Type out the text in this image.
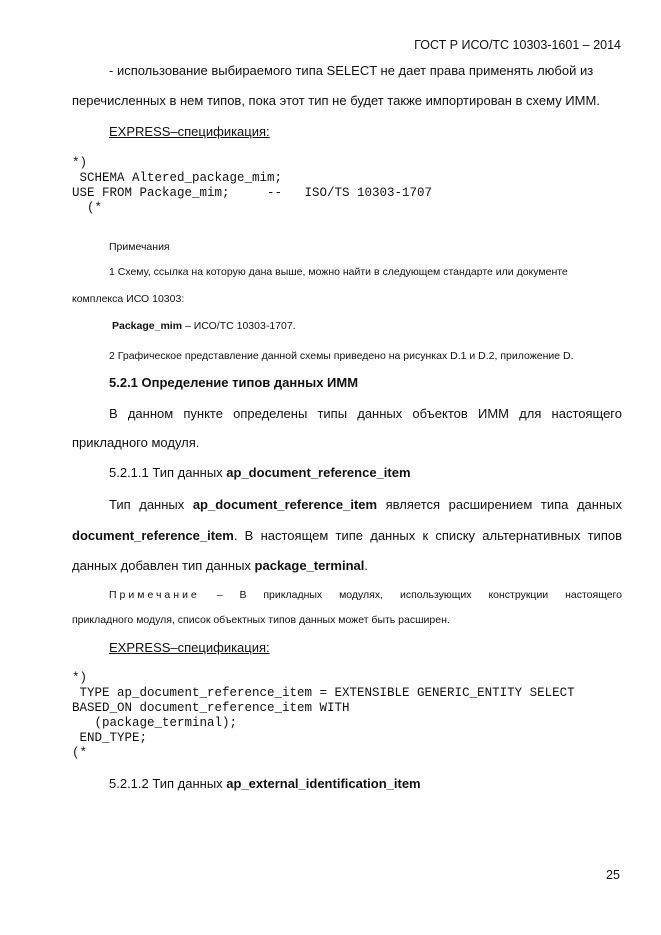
ГОСТ Р ИСО/ТС 10303-1601 – 2014
- использование выбираемого типа SELECT не дает права применять любой из
перечисленных в нем типов, пока этот тип не будет также импортирован в схему ИММ.
EXPRESS–спецификация:
*)
SCHEMA Altered_package_mim;
USE FROM Package_mim;     --   ISO/TS 10303-1707
(*
Примечания
1 Схему, ссылка на которую дана выше, можно найти в следующем стандарте или документе
комплекса ИСО 10303:
Package_mim – ИСО/ТС 10303-1707.
2 Графическое представление данной схемы приведено на рисунках D.1 и D.2, приложение D.
5.2.1 Определение типов данных ИММ
В данном пункте определены типы данных объектов ИММ для настоящего
прикладного модуля.
5.2.1.1 Тип данных ap_document_reference_item
Тип данных ap_document_reference_item является расширением типа данных
document_reference_item. В настоящем типе данных к списку альтернативных типов
данных добавлен тип данных package_terminal.
Примечание – В прикладных модулях, использующих конструкции настоящего
прикладного модуля, список объектных типов данных может быть расширен.
EXPRESS–спецификация:
*)
TYPE ap_document_reference_item = EXTENSIBLE GENERIC_ENTITY SELECT
BASED_ON document_reference_item WITH
(package_terminal);
END_TYPE;
(*
5.2.1.2 Тип данных ap_external_identification_item
25
